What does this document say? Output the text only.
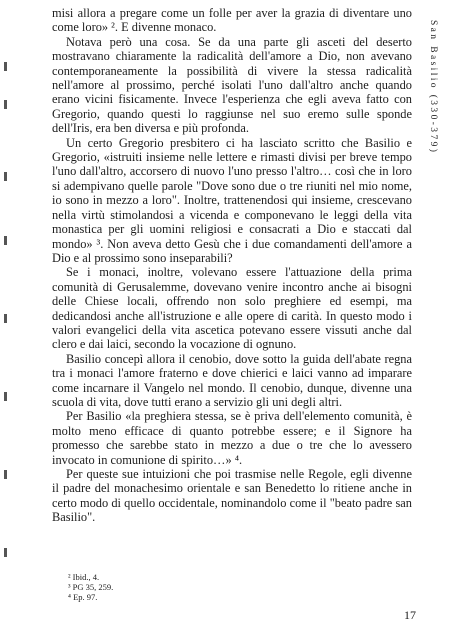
misi allora a pregare come un folle per aver la grazia di diventare uno come loro» ². E divenne monaco.

Notava però una cosa. Se da una parte gli asceti del deserto mostravano chiaramente la radicalità dell'amore a Dio, non avevano contemporaneamente la possibilità di vivere la stessa radicalità nell'amore al prossimo, perché isolati l'uno dall'altro anche quando erano vicini fisicamente. Invece l'esperienza che egli aveva fatto con Gregorio, quando questi lo raggiunse nel suo eremo sulle sponde dell'Iris, era ben diversa e più profonda.

Un certo Gregorio presbitero ci ha lasciato scritto che Basilio e Gregorio, «istruiti insieme nelle lettere e rimasti divisi per breve tempo l'uno dall'altro, accorsero di nuovo l'uno presso l'altro… così che in loro si adempivano quelle parole "Dove sono due o tre riuniti nel mio nome, io sono in mezzo a loro". Inoltre, trattenendosi qui insieme, crescevano nella virtù stimolandosi a vicenda e componevano le leggi della vita monastica per gli uomini religiosi e consacrati a Dio e staccati dal mondo» ³. Non aveva detto Gesù che i due comandamenti dell'amore a Dio e al prossimo sono inseparabili?

Se i monaci, inoltre, volevano essere l'attuazione della prima comunità di Gerusalemme, dovevano venire incontro anche ai bisogni delle Chiese locali, offrendo non solo preghiere ed esempi, ma dedicandosi anche all'istruzione e alle opere di carità. In questo modo i valori evangelici della vita ascetica potevano essere vissuti anche dal clero e dai laici, secondo la vocazione di ognuno.

Basilio concepì allora il cenobio, dove sotto la guida dell'abate regna tra i monaci l'amore fraterno e dove chierici e laici vanno ad imparare come incarnare il Vangelo nel mondo. Il cenobio, dunque, divenne una scuola di vita, dove tutti erano a servizio gli uni degli altri.

Per Basilio «la preghiera stessa, se è priva dell'elemento comunità, è molto meno efficace di quanto potrebbe essere; e il Signore ha promesso che sarebbe stato in mezzo a due o tre che lo avessero invocato in comunione di spirito…» ⁴.

Per queste sue intuizioni che poi trasmise nelle Regole, egli divenne il padre del monachesimo orientale e san Benedetto lo ritiene anche in certo modo di quello occidentale, nominandolo come il "beato padre san Basilio".

San Basilio (330-379)
² Ibid., 4.
³ PG 35, 259.
⁴ Ep. 97.
17
